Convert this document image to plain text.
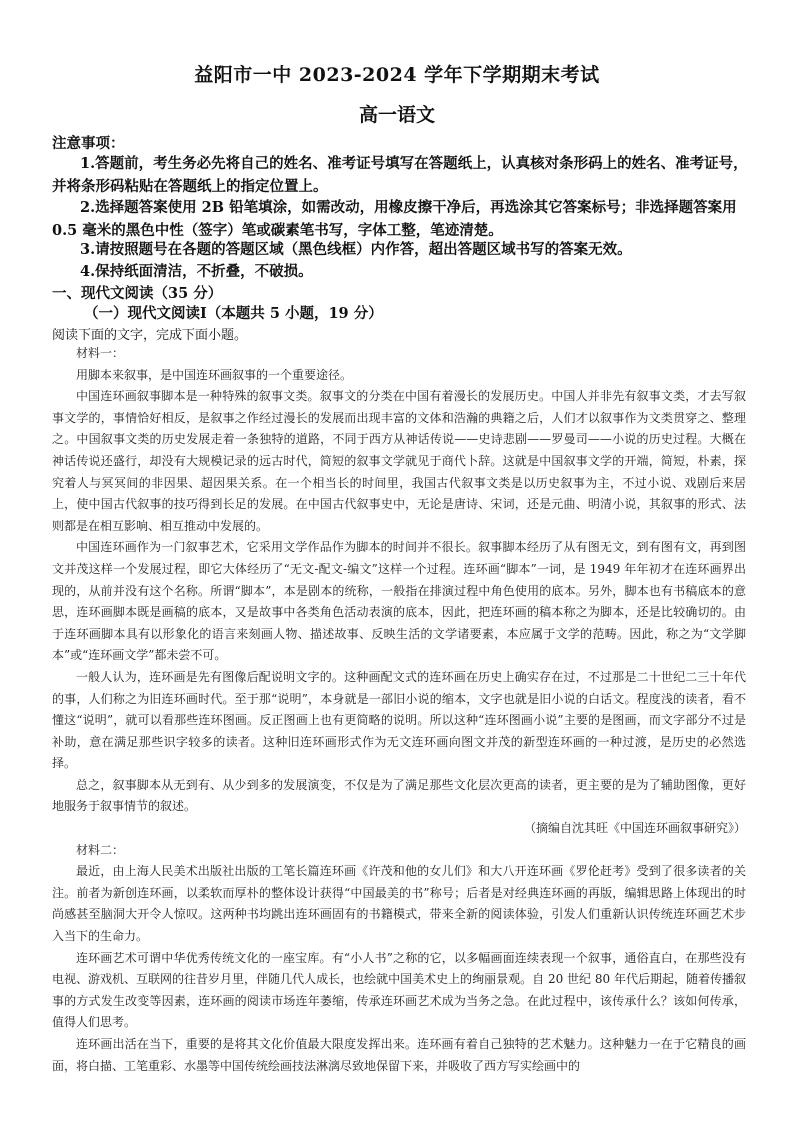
益阳市一中 2023-2024 学年下学期期末考试
高一语文
注意事项：
1.答题前，考生务必先将自己的姓名、准考证号填写在答题纸上，认真核对条形码上的姓名、准考证号，并将条形码粘贴在答题纸上的指定位置上。
2.选择题答案使用 2B 铅笔填涂，如需改动，用橡皮擦干净后，再选涂其它答案标号；非选择题答案用 0.5 毫米的黑色中性（签字）笔或碳素笔书写，字体工整，笔迹清楚。
3.请按照题号在各题的答题区域（黑色线框）内作答，超出答题区域书写的答案无效。
4.保持纸面清洁，不折叠，不破损。
一、现代文阅读（35 分）
（一）现代文阅读Ⅰ（本题共 5 小题，19 分）
阅读下面的文字，完成下面小题。
材料一：
用脚本来叙事，是中国连环画叙事的一个重要途径。
中国连环画叙事脚本是一种特殊的叙事文类。叙事文的分类在中国有着漫长的发展历史。中国人并非先有叙事文类，才去写叙事文学的，事情恰好相反，是叙事之作经过漫长的发展而出现丰富的文体和浩瀚的典籍之后，人们才以叙事作为文类贯穿之、整理之。中国叙事文类的历史发展走着一条独特的道路，不同于西方从神话传说——史诗悲剧——罗曼司——小说的历史过程。大概在神话传说还盛行，却没有大规模记录的远古时代，简短的叙事文学就见于商代卜辞。这就是中国叙事文学的开端，简短，朴素，探究着人与冥冥间的非因果、超因果关系。在一个相当长的时间里，我国古代叙事文类是以历史叙事为主，不过小说、戏剧后来居上，使中国古代叙事的技巧得到长足的发展。在中国古代叙事史中，无论是唐诗、宋词，还是元曲、明清小说，其叙事的形式、法则都是在相互影响、相互推动中发展的。
中国连环画作为一门叙事艺术，它采用文学作品作为脚本的时间并不很长。叙事脚本经历了从有图无文，到有图有文，再到图文并茂这样一个发展过程，即它大体经历了“无文-配文-编文”这样一个过程。连环画“脚本”一词，是 1949 年年初才在连环画界出现的，从前并没有这个名称。所谓“脚本”，本是剧本的统称，一般指在排演过程中角色使用的底本。另外，脚本也有书稿底本的意思，连环画脚本既是画稿的底本，又是故事中各类角色活动表演的底本，因此，把连环画的稿本称之为脚本，还是比较确切的。由于连环画脚本具有以形象化的语言来刻画人物、描述故事、反映生活的文学诸要素，本应属于文学的范畴。因此，称之为“文学脚本”或“连环画文学”都未尝不可。
一般人认为，连环画是先有图像后配说明文字的。这种画配文式的连环画在历史上确实存在过，不过那是二十世纪二三十年代的事，人们称之为旧连环画时代。至于那“说明”，本身就是一部旧小说的缩本，文字也就是旧小说的白话文。程度浅的读者，看不懂这“说明”，就可以看那些连环图画。反正图画上也有更简略的说明。所以这种“连环图画小说”主要的是图画，而文字部分不过是补助，意在满足那些识字较多的读者。这种旧连环画形式作为无文连环画向图文并茂的新型连环画的一种过渡，是历史的必然选择。
总之，叙事脚本从无到有、从少到多的发展演变，不仅是为了满足那些文化层次更高的读者，更主要的是为了辅助图像，更好地服务于叙事情节的叙述。
（摘编自沈其旺《中国连环画叙事研究》）
材料二：
最近，由上海人民美术出版社出版的工笔长篇连环画《许茂和他的女儿们》和大八开连环画《罗伦赶考》受到了很多读者的关注。前者为新创连环画，以柔软而厚朴的整体设计获得“中国最美的书”称号；后者是对经典连环画的再版，编辑思路上体现出的时尚感甚至脑洞大开令人惊叹。这两种书均跳出连环画固有的书籍模式，带来全新的阅读体验，引发人们重新认识传统连环画艺术步入当下的生命力。
连环画艺术可谓中华优秀传统文化的一座宝库。有“小人书”之称的它，以多幅画面连续表现一个叙事，通俗直白，在那些没有电视、游戏机、互联网的往昔岁月里，伴随几代人成长，也绘就中国美术史上的绚丽景观。自 20 世纪 80 年代后期起，随着传播叙事的方式发生改变等因素，连环画的阅读市场连年萎缩，传承连环画艺术成为当务之急。在此过程中，该传承什么？该如何传承，值得人们思考。
连环画出活在当下，重要的是将其文化价值最大限度发挥出来。连环画有着自己独特的艺术魅力。这种魅力一在于它精良的画面，将白描、工笔重彩、水墨等中国传统绘画技法淋漓尽致地保留下来，并吸收了西方写实绘画中的
